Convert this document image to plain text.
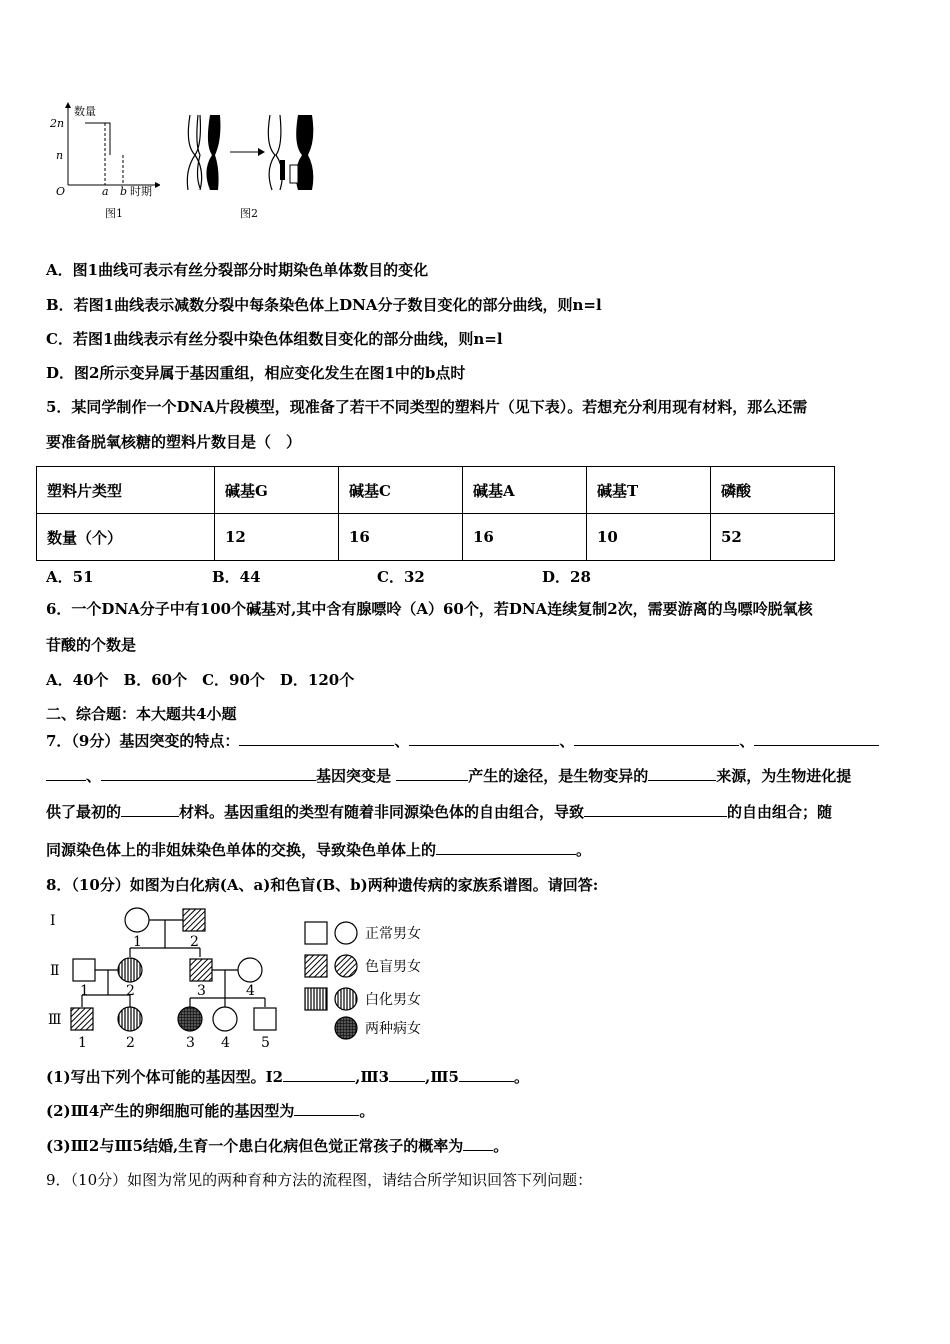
数量
2n
n
O	a b 时期
图1	图2
A．图1曲线可表示有丝分裂部分时期染色单体数目的变化
B．若图1曲线表示减数分裂中每条染色体上DNA分子数目变化的部分曲线，则n=l
C．若图1曲线表示有丝分裂中染色体组数目变化的部分曲线，则n=l
D．图2所示变异属于基因重组，相应变化发生在图1中的b点时
5．某同学制作一个DNA片段模型，现准备了若干不同类型的塑料片（见下表）。若想充分利用现有材料，那么还需
要准备脱氧核糖的塑料片数目是（　）
塑料片类型	碱基G	碱基C	碱基A	碱基T	磷酸
数量（个）	12	16	16	10	52
A．51	B．44	C．32	D．28
6．一个DNA分子中有100个碱基对,其中含有腺嘌呤（A）60个，若DNA连续复制2次，需要游离的鸟嘌呤脱氧核
苷酸的个数是
A．40个　B．60个　C．90个　D．120个
二、综合题：本大题共4小题
7．（9分）基因突变的特点：	、	、	、
、	基因突变是	产生的途径，是生物变异的	来源，为生物进化提
供了最初的	材料。基因重组的类型有随着非同源染色体的自由组合，导致	的自由组合；随
同源染色体上的非姐妹染色单体的交换，导致染色单体上的	。
8．（10分）如图为白化病(A、a)和色盲(B、b)两种遗传病的家族系谱图。请回答:
Ⅰ
Ⅱ
Ⅲ
1	2
1	2	3	4
1	2	3 4 5
正常男女
色盲男女
白化男女
两种病女
(1)写出下列个体可能的基因型。Ⅰ2	,Ⅲ3 ,Ⅲ5	。
(2)Ⅲ4产生的卵细胞可能的基因型为	。
(3)Ⅲ2与Ⅲ5结婚,生育一个患白化病但色觉正常孩子的概率为 。
9．（10分）如图为常见的两种育种方法的流程图，请结合所学知识回答下列问题：
